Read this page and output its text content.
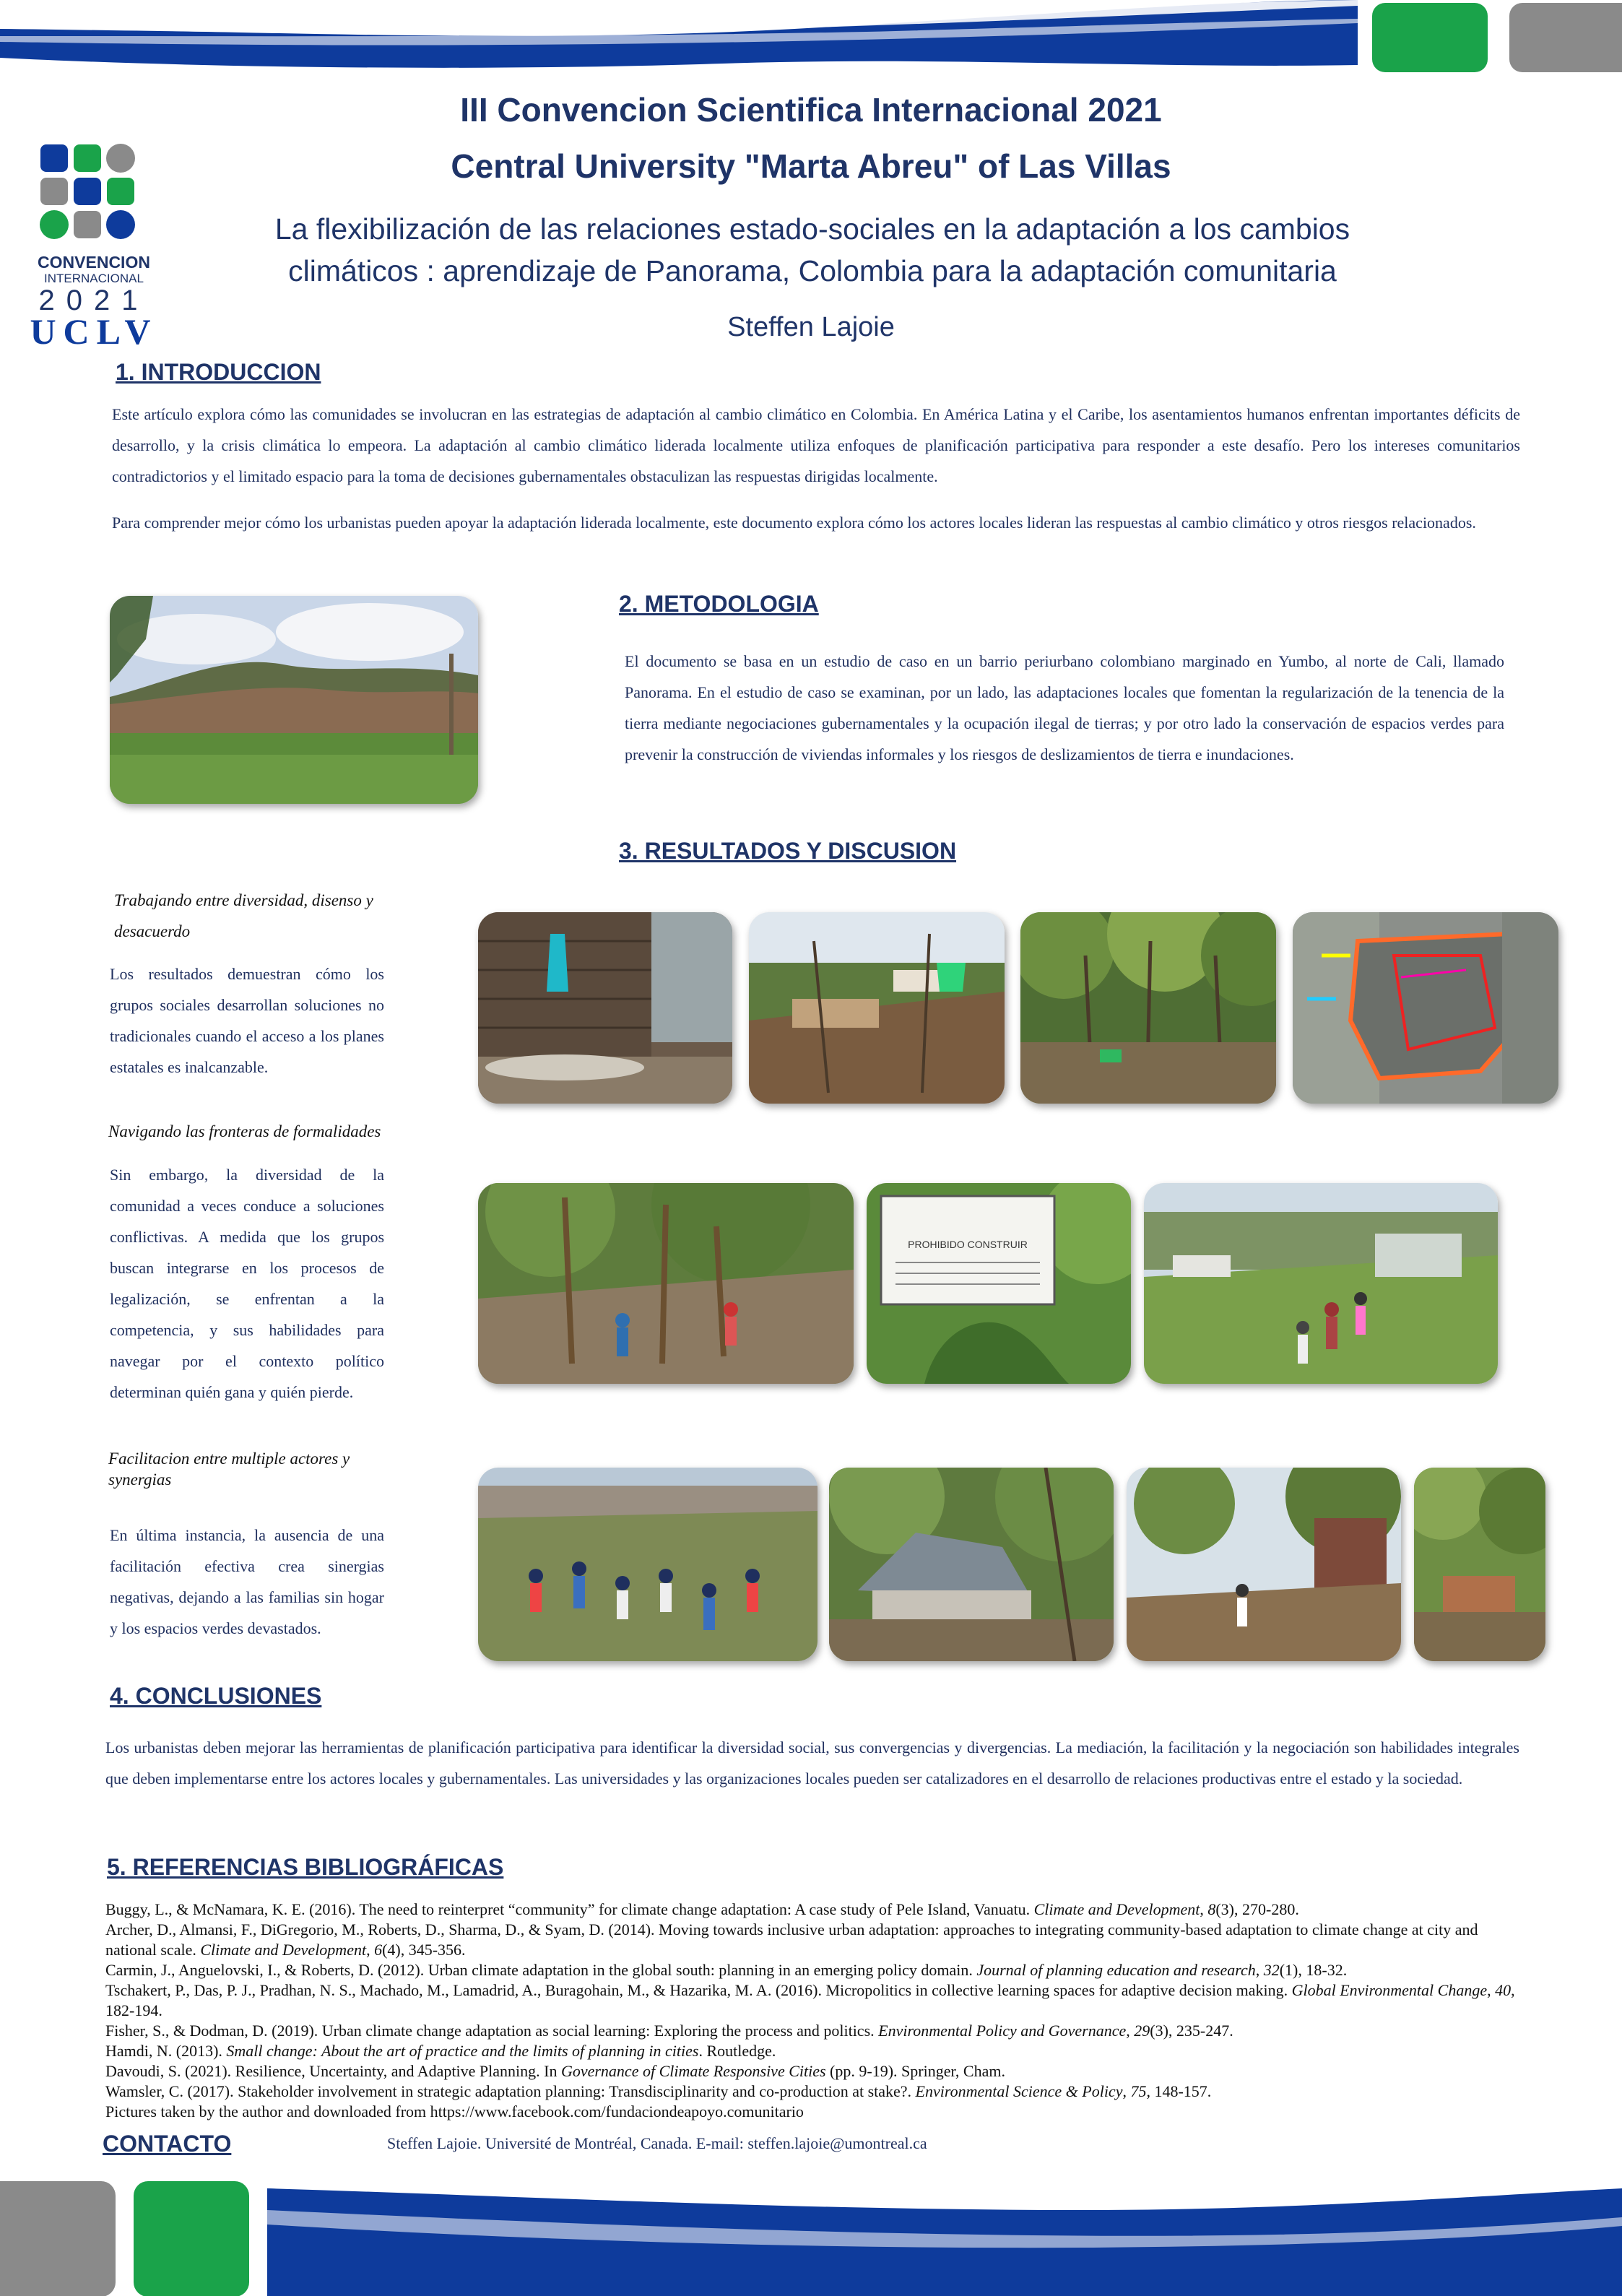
CONVENCION
INTERNACIONAL
2021
UCLV
III Convencion Scientifica Internacional 2021
Central University "Marta Abreu" of Las Villas
La flexibilización de las relaciones estado-sociales en la adaptación a los cambios climáticos : aprendizaje de Panorama, Colombia para la adaptación comunitaria
Steffen Lajoie
1. INTRODUCCION
Este artículo explora cómo las comunidades se involucran en las estrategias de adaptación al cambio climático en Colombia. En América Latina y el Caribe, los asentamientos humanos enfrentan importantes déficits de desarrollo, y la crisis climática lo empeora. La adaptación al cambio climático liderada localmente utiliza enfoques de planificación participativa para responder a este desafío. Pero los intereses comunitarios contradictorios y el limitado espacio para la toma de decisiones gubernamentales obstaculizan las respuestas dirigidas localmente.
Para comprender mejor cómo los urbanistas pueden apoyar la adaptación liderada localmente, este documento explora cómo los actores locales lideran las respuestas al cambio climático y otros riesgos relacionados.
2. METODOLOGIA
El documento se basa en un estudio de caso en un barrio periurbano colombiano marginado en Yumbo, al norte de Cali, llamado Panorama. En el estudio de caso se examinan, por un lado, las adaptaciones locales que fomentan la regularización de la tenencia de la tierra mediante negociaciones gubernamentales y la ocupación ilegal de tierras; y por otro lado la conservación de espacios verdes para prevenir la construcción de viviendas informales y los riesgos de deslizamientos de tierra e inundaciones.
3. RESULTADOS Y DISCUSION
Trabajando entre diversidad, disenso y desacuerdo
Los resultados demuestran cómo los grupos sociales desarrollan soluciones no tradicionales cuando el acceso a los planes estatales es inalcanzable.
Navigando las fronteras de formalidades
Sin embargo, la diversidad de la comunidad a veces conduce a soluciones conflictivas. A medida que los grupos buscan integrarse en los procesos de legalización, se enfrentan a la competencia, y sus habilidades para navegar por el contexto político determinan quién gana y quién pierde.
Facilitacion entre multiple actores y synergias
En última instancia, la ausencia de una facilitación efectiva crea sinergias negativas, dejando a las familias sin hogar y los espacios verdes devastados.
PROHIBIDO CONSTRUIR
4. CONCLUSIONES
Los urbanistas deben mejorar las herramientas de planificación participativa para identificar la diversidad social, sus convergencias y divergencias. La mediación, la facilitación y la negociación son habilidades integrales que deben implementarse entre los actores locales y gubernamentales. Las universidades y las organizaciones locales pueden ser catalizadores en el desarrollo de relaciones productivas entre el estado y la sociedad.
5. REFERENCIAS BIBLIOGRÁFICAS

Buggy, L., & McNamara, K. E. (2016). The need to reinterpret “community” for climate change adaptation: A case study of Pele Island, Vanuatu. Climate and Development, 8(3), 270-280.

Archer, D., Almansi, F., DiGregorio, M., Roberts, D., Sharma, D., & Syam, D. (2014). Moving towards inclusive urban adaptation: approaches to integrating community-based adaptation to climate change at city and national scale. Climate and Development, 6(4), 345-356.

Carmin, J., Anguelovski, I., & Roberts, D. (2012). Urban climate adaptation in the global south: planning in an emerging policy domain. Journal of planning education and research, 32(1), 18-32.

Tschakert, P., Das, P. J., Pradhan, N. S., Machado, M., Lamadrid, A., Buragohain, M., & Hazarika, M. A. (2016). Micropolitics in collective learning spaces for adaptive decision making. Global Environmental Change, 40, 182-194.

Fisher, S., & Dodman, D. (2019). Urban climate change adaptation as social learning: Exploring the process and politics. Environmental Policy and Governance, 29(3), 235-247.

Hamdi, N. (2013). Small change: About the art of practice and the limits of planning in cities. Routledge.

Davoudi, S. (2021). Resilience, Uncertainty, and Adaptive Planning. In Governance of Climate Responsive Cities (pp. 9-19). Springer, Cham.

Wamsler, C. (2017). Stakeholder involvement in strategic adaptation planning: Transdisciplinarity and co-production at stake?. Environmental Science & Policy, 75, 148-157.

Pictures taken by the author and downloaded from https://www.facebook.com/fundaciondeapoyo.comunitario

CONTACTO	Steffen Lajoie. Université de Montréal, Canada. E-mail: steffen.lajoie@umontreal.ca
